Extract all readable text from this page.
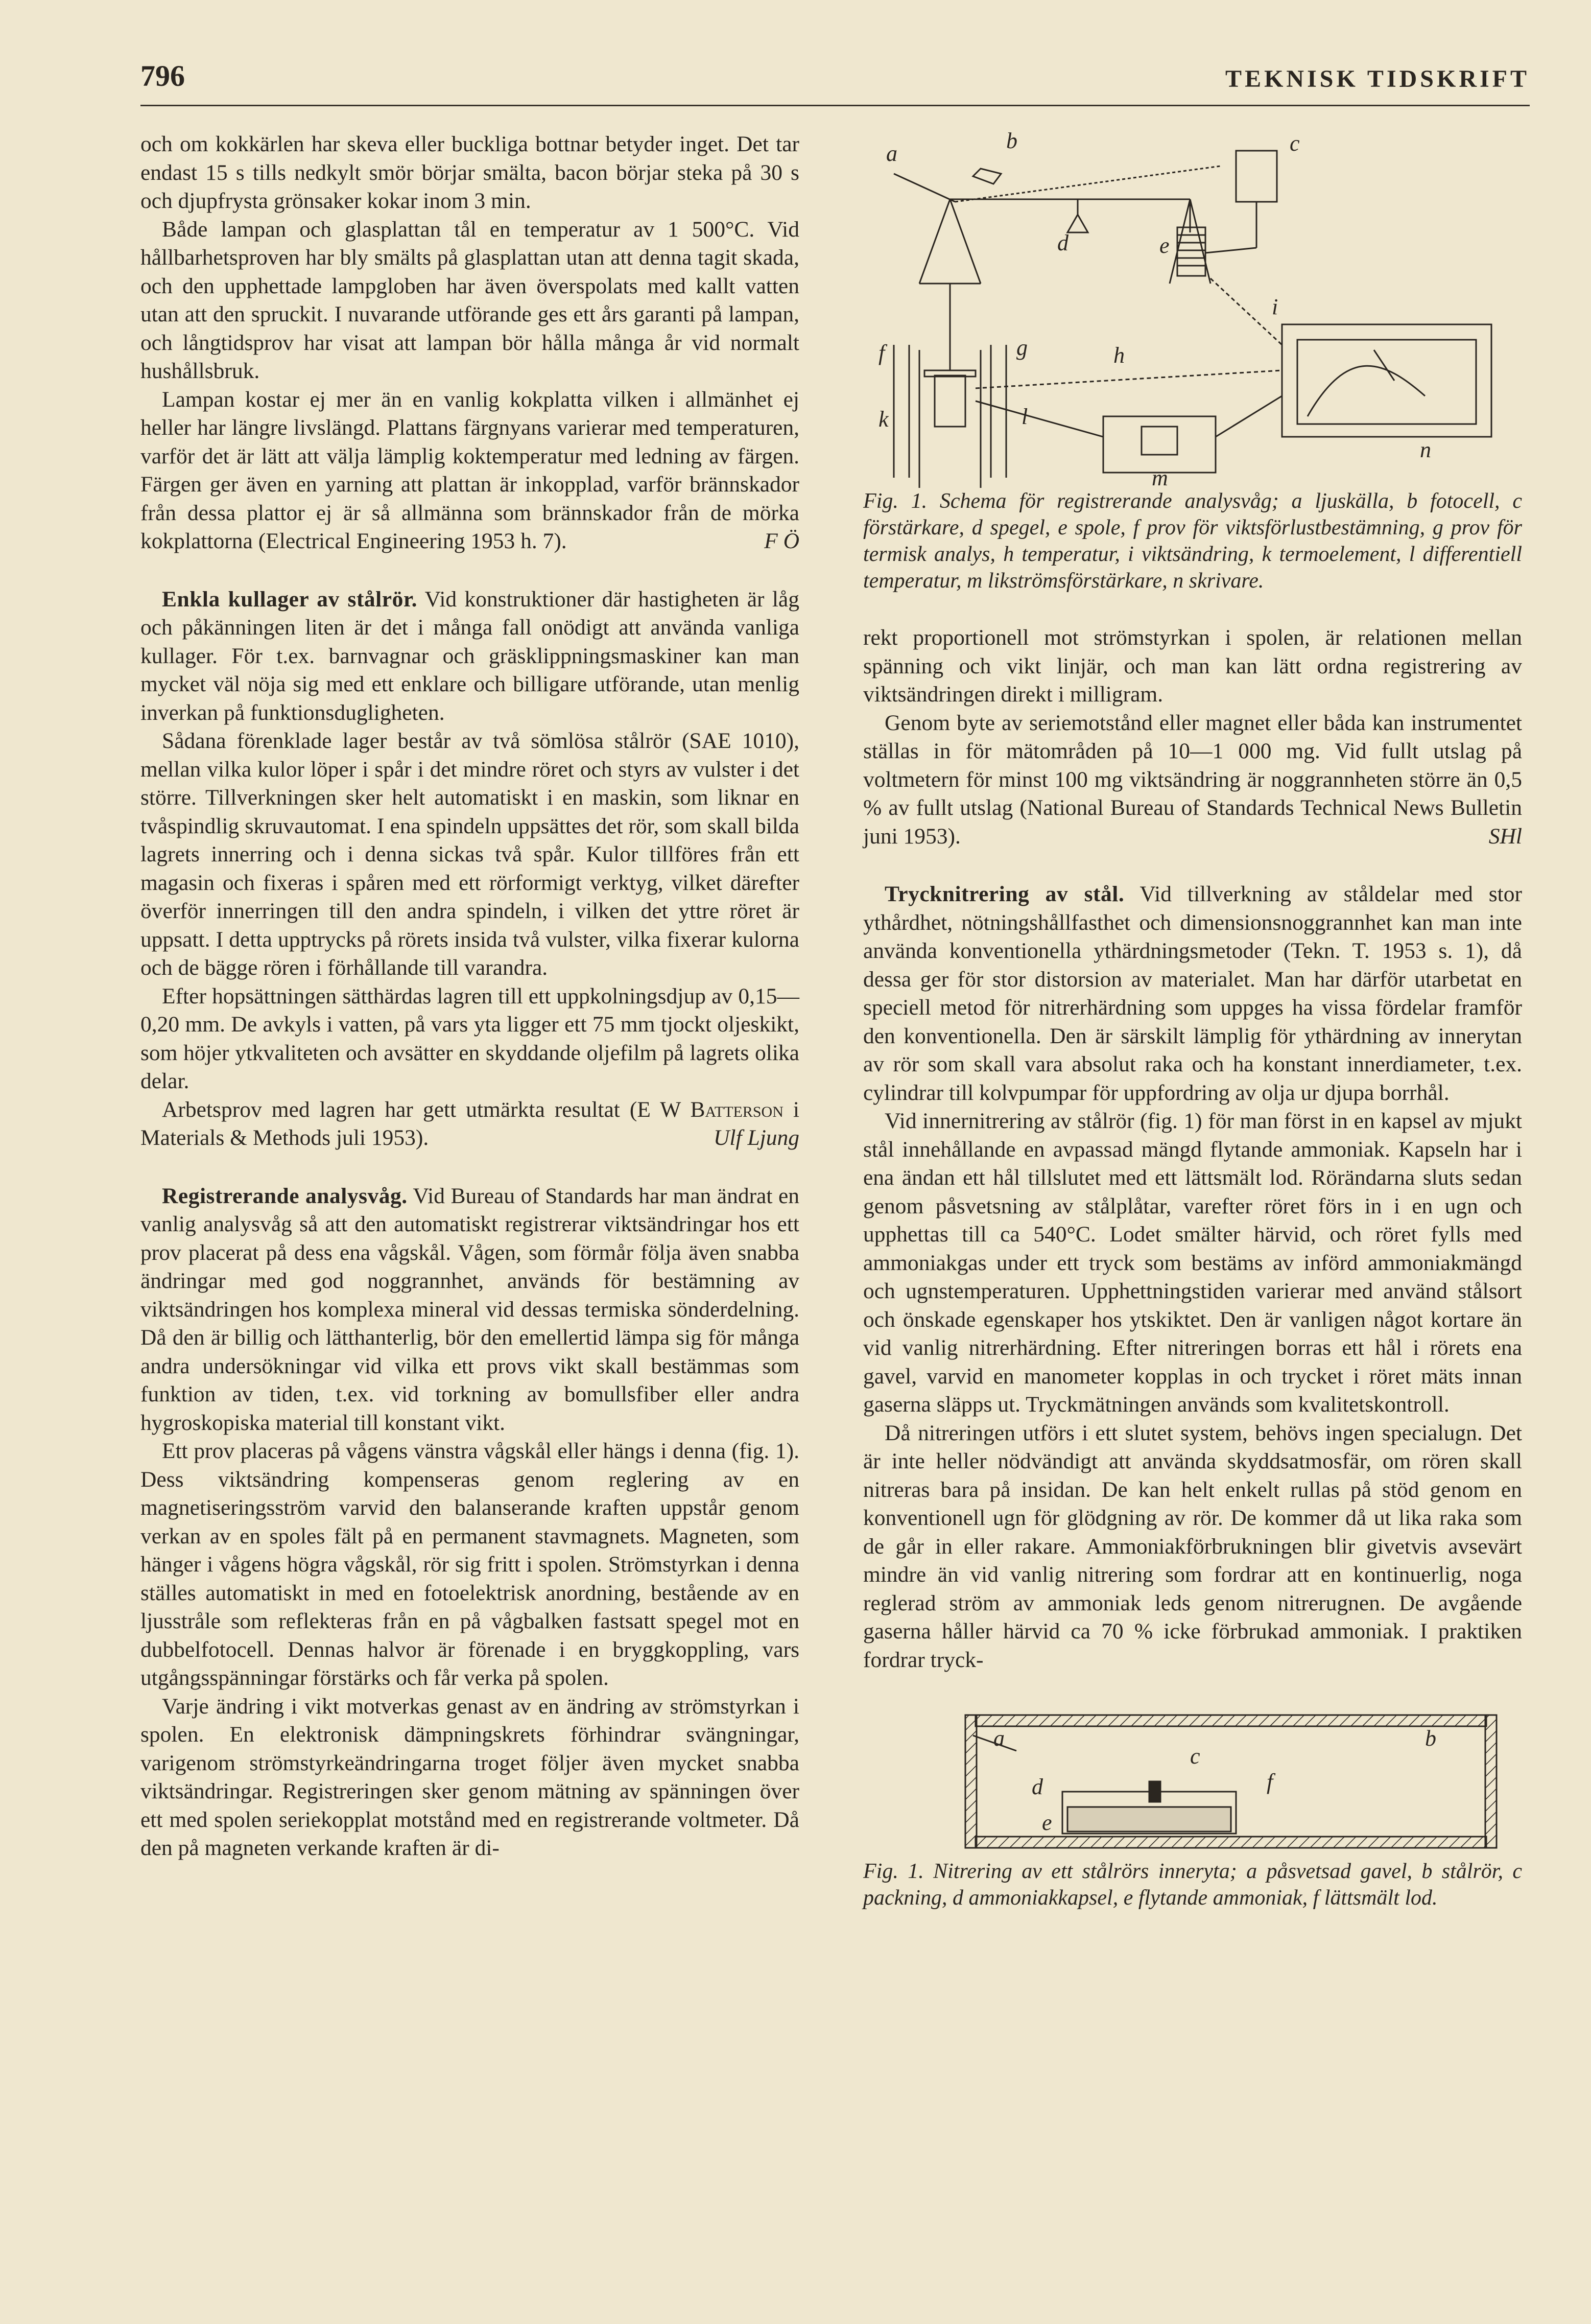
796	TEKNISK TIDSKRIFT

och om kokkärlen har skeva eller buckliga bottnar betyder inget. Det tar endast 15 s tills nedkylt smör börjar smälta, bacon börjar steka på 30 s och djupfrysta grönsaker kokar inom 3 min.

Både lampan och glasplattan tål en temperatur av 1 500°C. Vid hållbarhetsproven har bly smälts på glasplattan utan att denna tagit skada, och den upphettade lampgloben har även överspolats med kallt vatten utan att den spruckit. I nuvarande utförande ges ett års garanti på lampan, och långtidsprov har visat att lampan bör hålla många år vid normalt hushållsbruk.

Lampan kostar ej mer än en vanlig kokplatta vilken i allmänhet ej heller har längre livslängd. Plattans färgnyans varierar med temperaturen, varför det är lätt att välja lämplig koktemperatur med ledning av färgen. Färgen ger även en yarning att plattan är inkopplad, varför brännskador från dessa plattor ej är så allmänna som brännskador från de mörka kokplattorna (Electrical Engineering 1953 h. 7).	F Ö

Enkla kullager av stålrör. Vid konstruktioner där hastigheten är låg och påkänningen liten är det i många fall onödigt att använda vanliga kullager. För t.ex. barnvagnar och gräsklippningsmaskiner kan man mycket väl nöja sig med ett enklare och billigare utförande, utan menlig inverkan på funktionsdugligheten.

Sådana förenklade lager består av två sömlösa stålrör (SAE 1010), mellan vilka kulor löper i spår i det mindre röret och styrs av vulster i det större. Tillverkningen sker helt automatiskt i en maskin, som liknar en tvåspindlig skruvautomat. I ena spindeln uppsättes det rör, som skall bilda lagrets innerring och i denna sickas två spår. Kulor tillföres från ett magasin och fixeras i spåren med ett rörformigt verktyg, vilket därefter överför innerringen till den andra spindeln, i vilken det yttre röret är uppsatt. I detta upptrycks på rörets insida två vulster, vilka fixerar kulorna och de bägge rören i förhållande till varandra.

Efter hopsättningen sätthärdas lagren till ett uppkolningsdjup av 0,15—0,20 mm. De avkyls i vatten, på vars yta ligger ett 75 mm tjockt oljeskikt, som höjer ytkvaliteten och avsätter en skyddande oljefilm på lagrets olika delar.

Arbetsprov med lagren har gett utmärkta resultat (E W Batterson i Materials & Methods juli 1953).	Ulf Ljung

Registrerande analysvåg. Vid Bureau of Standards har man ändrat en vanlig analysvåg så att den automatiskt registrerar viktsändringar hos ett prov placerat på dess ena vågskål. Vågen, som förmår följa även snabba ändringar med god noggrannhet, används för bestämning av viktsändringen hos komplexa mineral vid dessas termiska sönderdelning. Då den är billig och lätthanterlig, bör den emellertid lämpa sig för många andra undersökningar vid vilka ett provs vikt skall bestämmas som funktion av tiden, t.ex. vid torkning av bomullsfiber eller andra hygroskopiska material till konstant vikt.

Ett prov placeras på vågens vänstra vågskål eller hängs i denna (fig. 1). Dess viktsändring kompenseras genom reglering av en magnetiseringsström varvid den balanserande kraften uppstår genom verkan av en spoles fält på en permanent stavmagnets. Magneten, som hänger i vågens högra vågskål, rör sig fritt i spolen. Strömstyrkan i denna ställes automatiskt in med en fotoelektrisk anordning, bestående av en ljusstråle som reflekteras från en på vågbalken fastsatt spegel mot en dubbelfotocell. Dennas halvor är förenade i en bryggkoppling, vars utgångsspänningar förstärks och får verka på spolen.

Varje ändring i vikt motverkas genast av en ändring av strömstyrkan i spolen. En elektronisk dämpningskrets förhindrar svängningar, varigenom strömstyrkeändringarna troget följer även mycket snabba viktsändringar. Registreringen sker genom mätning av spänningen över ett med spolen seriekopplat motstånd med en registrerande voltmeter. Då den på magneten verkande kraften är di-

a
b	c
d	e
f	g	h
i
k	l
m
n

Fig. 1. Schema för registrerande analysvåg; a ljuskälla, b fotocell, c förstärkare, d spegel, e spole, f prov för viktsförlustbestämning, g prov för termisk analys, h temperatur, i viktsändring, k termoelement, l differentiell temperatur, m likströmsförstärkare, n skrivare.

rekt proportionell mot strömstyrkan i spolen, är relationen mellan spänning och vikt linjär, och man kan lätt ordna registrering av viktsändringen direkt i milligram.

Genom byte av seriemotstånd eller magnet eller båda kan instrumentet ställas in för mätområden på 10—1 000 mg. Vid fullt utslag på voltmetern för minst 100 mg viktsändring är noggrannheten större än 0,5 % av fullt utslag (National Bureau of Standards Technical News Bulletin juni 1953).	SHl

Trycknitrering av stål. Vid tillverkning av ståldelar med stor ythårdhet, nötningshållfasthet och dimensionsnoggrannhet kan man inte använda konventionella ythärdningsmetoder (Tekn. T. 1953 s. 1), då dessa ger för stor distorsion av materialet. Man har därför utarbetat en speciell metod för nitrerhärdning som uppges ha vissa fördelar framför den konventionella. Den är särskilt lämplig för ythärdning av innerytan av rör som skall vara absolut raka och ha konstant innerdiameter, t.ex. cylindrar till kolvpumpar för uppfordring av olja ur djupa borrhål.

Vid innernitrering av stålrör (fig. 1) för man först in en kapsel av mjukt stål innehållande en avpassad mängd flytande ammoniak. Kapseln har i ena ändan ett hål tillslutet med ett lättsmält lod. Rörändarna sluts sedan genom påsvetsning av stålplåtar, varefter röret förs in i en ugn och upphettas till ca 540°C. Lodet smälter härvid, och röret fylls med ammoniakgas under ett tryck som bestäms av införd ammoniakmängd och ugnstemperaturen. Upphettningstiden varierar med använd stålsort och önskade egenskaper hos ytskiktet. Den är vanligen något kortare än vid vanlig nitrerhärdning. Efter nitreringen borras ett hål i rörets ena gavel, varvid en manometer kopplas in och trycket i röret mäts innan gaserna släpps ut. Tryckmätningen används som kvalitetskontroll.

Då nitreringen utförs i ett slutet system, behövs ingen specialugn. Det är inte heller nödvändigt att använda skyddsatmosfär, om rören skall nitreras bara på insidan. De kan helt enkelt rullas på stöd genom en konventionell ugn för glödgning av rör. De kommer då ut lika raka som de går in eller rakare. Ammoniakförbrukningen blir givetvis avsevärt mindre än vid vanlig nitrering som fordrar att en kontinuerlig, noga reglerad ström av ammoniak leds genom nitrerugnen. De avgående gaserna håller härvid ca 70 % icke förbrukad ammoniak. I praktiken fordrar tryck-

a	b
c
d
e
f

Fig. 1. Nitrering av ett stålrörs inneryta; a påsvetsad gavel, b stålrör, c packning, d ammoniakkapsel, e flytande ammoniak, f lättsmält lod.
